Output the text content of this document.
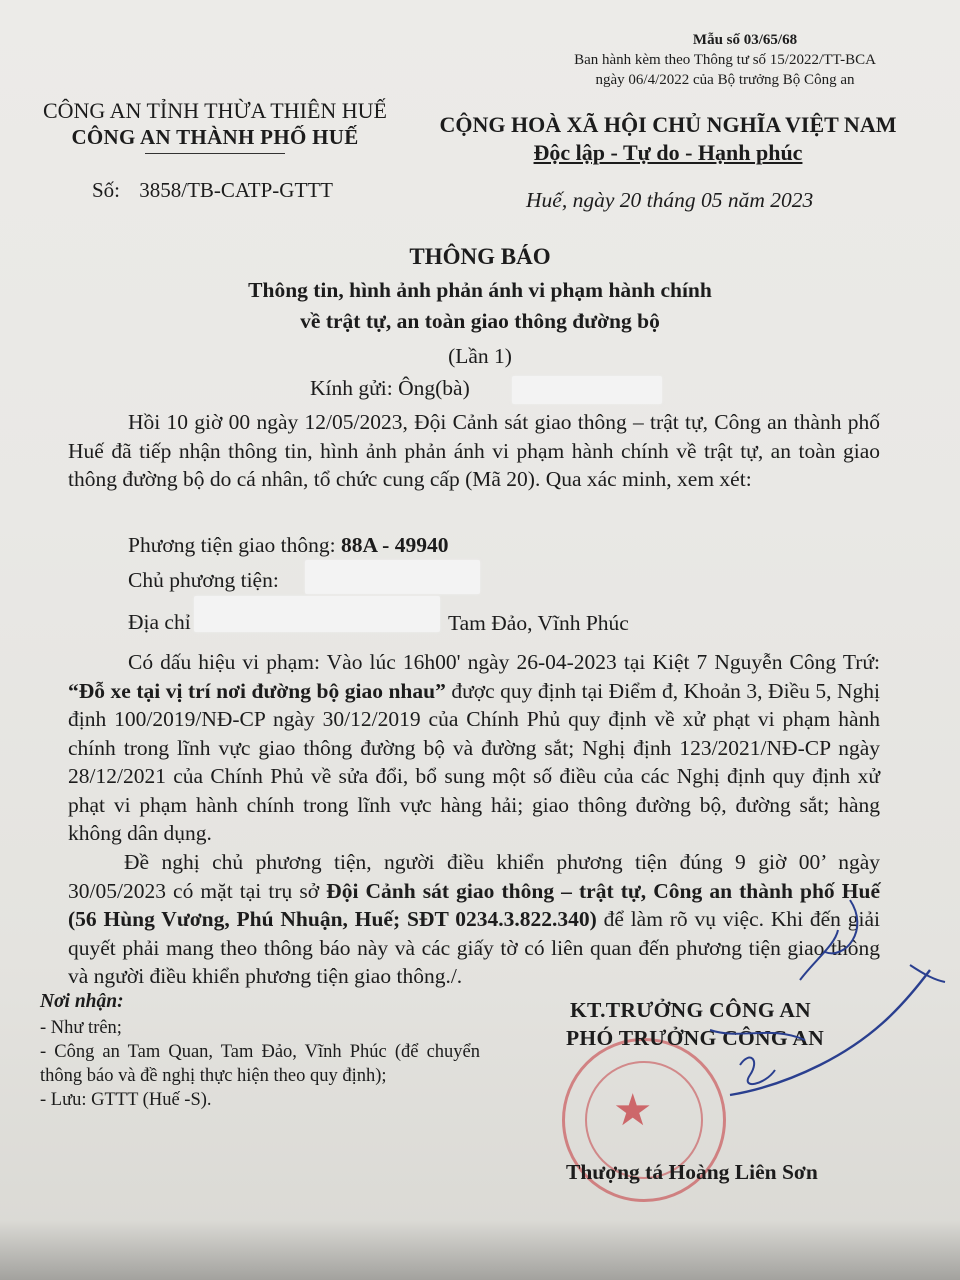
Mẫu số 03/65/68
Ban hành kèm theo Thông tư số 15/2022/TT-BCA
ngày 06/4/2022 của Bộ trưởng Bộ Công an
CÔNG AN TỈNH THỪA THIÊN HUẾ
CÔNG AN THÀNH PHỐ HUẾ	CỘNG HOÀ XÃ HỘI CHỦ NGHĨA VIỆT NAM
Độc lập - Tự do - Hạnh phúc
Số: 3858/TB-CATP-GTTT	Huế, ngày 20 tháng 05 năm 2023
THÔNG BÁO
Thông tin, hình ảnh phản ánh vi phạm hành chính
về trật tự, an toàn giao thông đường bộ
(Lần 1)
Kính gửi: Ông(bà)

Hồi 10 giờ 00 ngày 12/05/2023, Đội Cảnh sát giao thông – trật tự, Công an thành phố Huế đã tiếp nhận thông tin, hình ảnh phản ánh vi phạm hành chính về trật tự, an toàn giao thông đường bộ do cá nhân, tổ chức cung cấp (Mã 20). Qua xác minh, xem xét:

Phương tiện giao thông: 88A - 49940
Chủ phương tiện:
Địa chỉ	Tam Đảo, Vĩnh Phúc

Có dấu hiệu vi phạm: Vào lúc 16h00' ngày 26-04-2023 tại Kiệt 7 Nguyễn Công Trứ: “Đỗ xe tại vị trí nơi đường bộ giao nhau” được quy định tại Điểm đ, Khoản 3, Điều 5, Nghị định 100/2019/NĐ-CP ngày 30/12/2019 của Chính Phủ quy định về xử phạt vi phạm hành chính trong lĩnh vực giao thông đường bộ và đường sắt; Nghị định 123/2021/NĐ-CP ngày 28/12/2021 của Chính Phủ về sửa đổi, bổ sung một số điều của các Nghị định quy định xử phạt vi phạm hành chính trong lĩnh vực hàng hải; giao thông đường bộ, đường sắt; hàng không dân dụng.

Đề nghị chủ phương tiện, người điều khiển phương tiện đúng 9 giờ 00’ ngày 30/05/2023 có mặt tại trụ sở Đội Cảnh sát giao thông – trật tự, Công an thành phố Huế (56 Hùng Vương, Phú Nhuận, Huế; SĐT 0234.3.822.340) để làm rõ vụ việc. Khi đến giải quyết phải mang theo thông báo này và các giấy tờ có liên quan đến phương tiện giao thông và người điều khiển phương tiện giao thông./.

Nơi nhận:
- Như trên;
- Công an Tam Quan, Tam Đảo, Vĩnh Phúc (để chuyển thông báo và đề nghị thực hiện theo quy định);
- Lưu: GTTT (Huế -S).	★
KT.TRƯỞNG CÔNG AN
PHÓ TRƯỞNG CÔNG AN
Thượng tá Hoàng Liên Sơn
